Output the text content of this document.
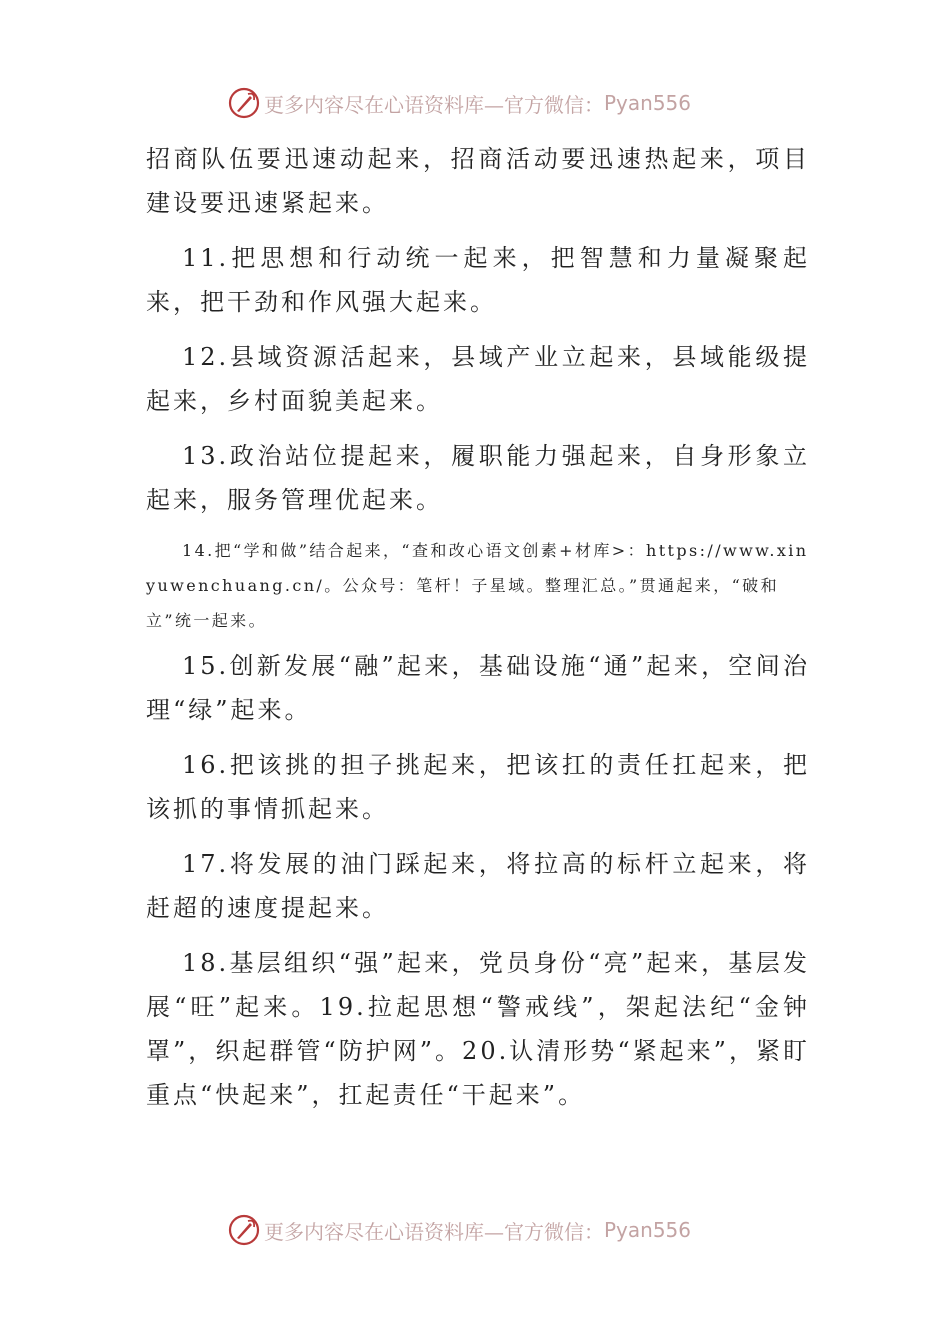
更多内容尽在心语资料库—官方微信： Pyan556

招商队伍要迅速动起来，招商活动要迅速热起来，项目建设要迅速紧起来。

11.把思想和行动统一起来，把智慧和力量凝聚起来，把干劲和作风强大起来。

12.县域资源活起来，县域产业立起来，县域能级提起来，乡村面貌美起来。

13.政治站位提起来，履职能力强起来，自身形象立起来，服务管理优起来。

14.把“学和做”结合起来，“查和改心语文创素+材库>：https://www.xinyuwenchuang.cn/。公众号：笔杆！子星域。整理汇总。”贯通起来，“破和立”统一起来。

15.创新发展“融”起来，基础设施“通”起来，空间治理“绿”起来。

16.把该挑的担子挑起来，把该扛的责任扛起来，把该抓的事情抓起来。

17.将发展的油门踩起来，将拉高的标杆立起来，将赶超的速度提起来。

18.基层组织“强”起来，党员身份“亮”起来，基层发展“旺”起来。19.拉起思想“警戒线”，架起法纪“金钟罩”，织起群管“防护网”。20.认清形势“紧起来”，紧盯重点“快起来”，扛起责任“干起来”。

更多内容尽在心语资料库—官方微信： Pyan556
